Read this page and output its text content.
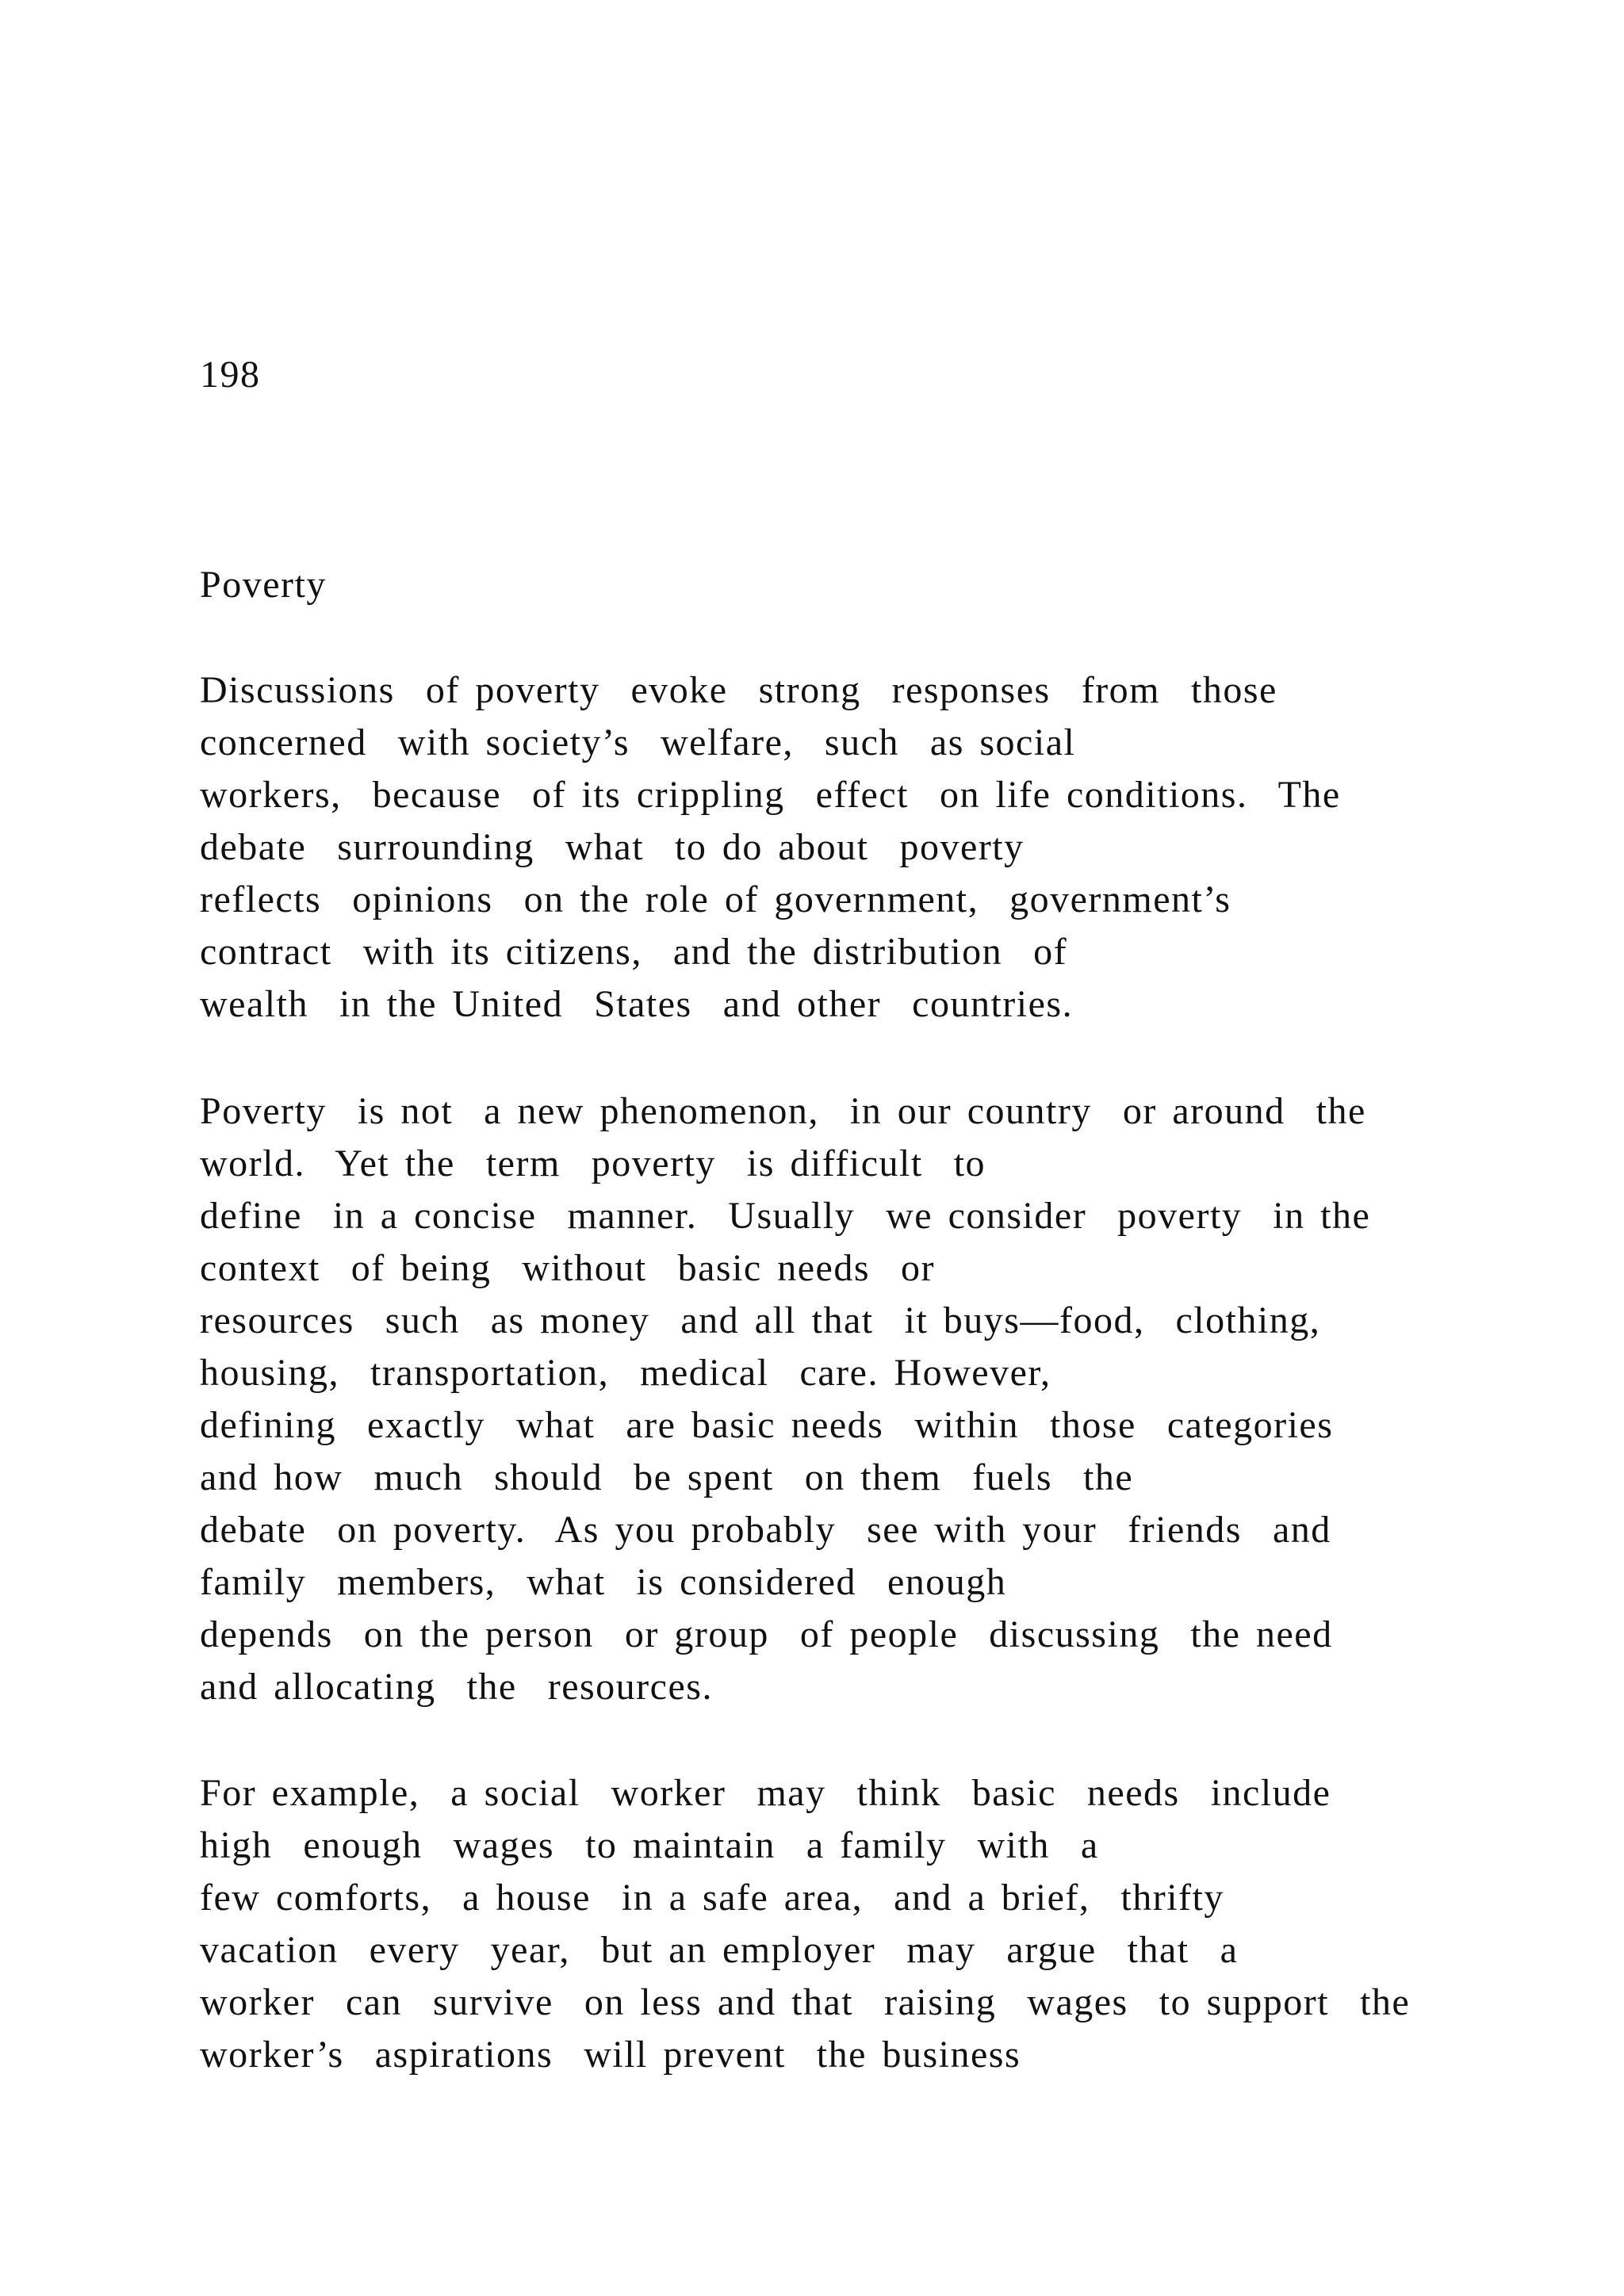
198
Poverty
Discussions  of poverty  evoke  strong  responses  from  those
concerned  with society’s  welfare,  such  as social
workers,  because  of its crippling  effect  on life conditions.  The
debate  surrounding  what  to do about  poverty
reflects  opinions  on the role of government,  government’s
contract  with its citizens,  and the distribution  of
wealth  in the United  States  and other  countries.
Poverty  is not  a new phenomenon,  in our country  or around  the
world.  Yet the  term  poverty  is difficult  to
define  in a concise  manner.  Usually  we consider  poverty  in the
context  of being  without  basic needs  or
resources  such  as money  and all that  it buys—food,  clothing,
housing,  transportation,  medical  care. However,
defining  exactly  what  are basic needs  within  those  categories
and how  much  should  be spent  on them  fuels  the
debate  on poverty.  As you probably  see with your  friends  and
family  members,  what  is considered  enough
depends  on the person  or group  of people  discussing  the need
and allocating  the  resources.
For example,  a social  worker  may  think  basic  needs  include
high  enough  wages  to maintain  a family  with  a
few comforts,  a house  in a safe area,  and a brief,  thrifty
vacation  every  year,  but an employer  may  argue  that  a
worker  can  survive  on less and that  raising  wages  to support  the
worker’s  aspirations  will prevent  the business
